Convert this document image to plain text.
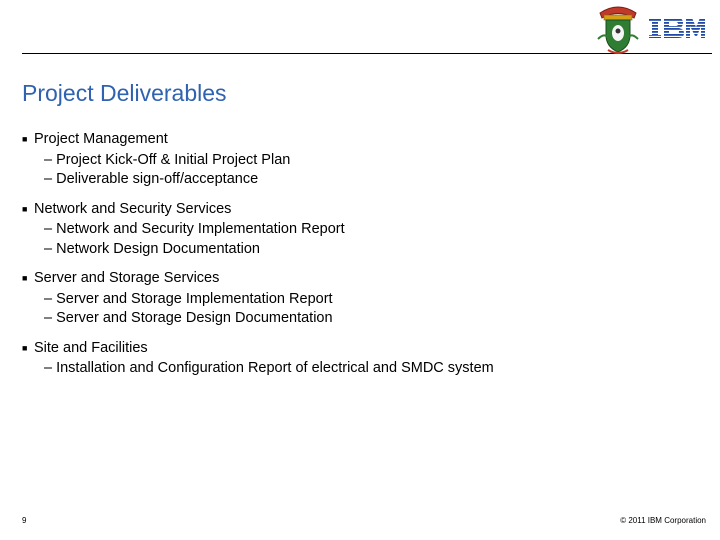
Project Deliverables
■ Project Management
– Project Kick-Off & Initial Project Plan
– Deliverable sign-off/acceptance
■ Network and Security Services
– Network and Security Implementation Report
– Network Design Documentation
■ Server and Storage Services
– Server and Storage Implementation Report
– Server and Storage Design Documentation
■ Site and Facilities
– Installation and Configuration Report of electrical and SMDC system
9	© 2011 IBM Corporation
